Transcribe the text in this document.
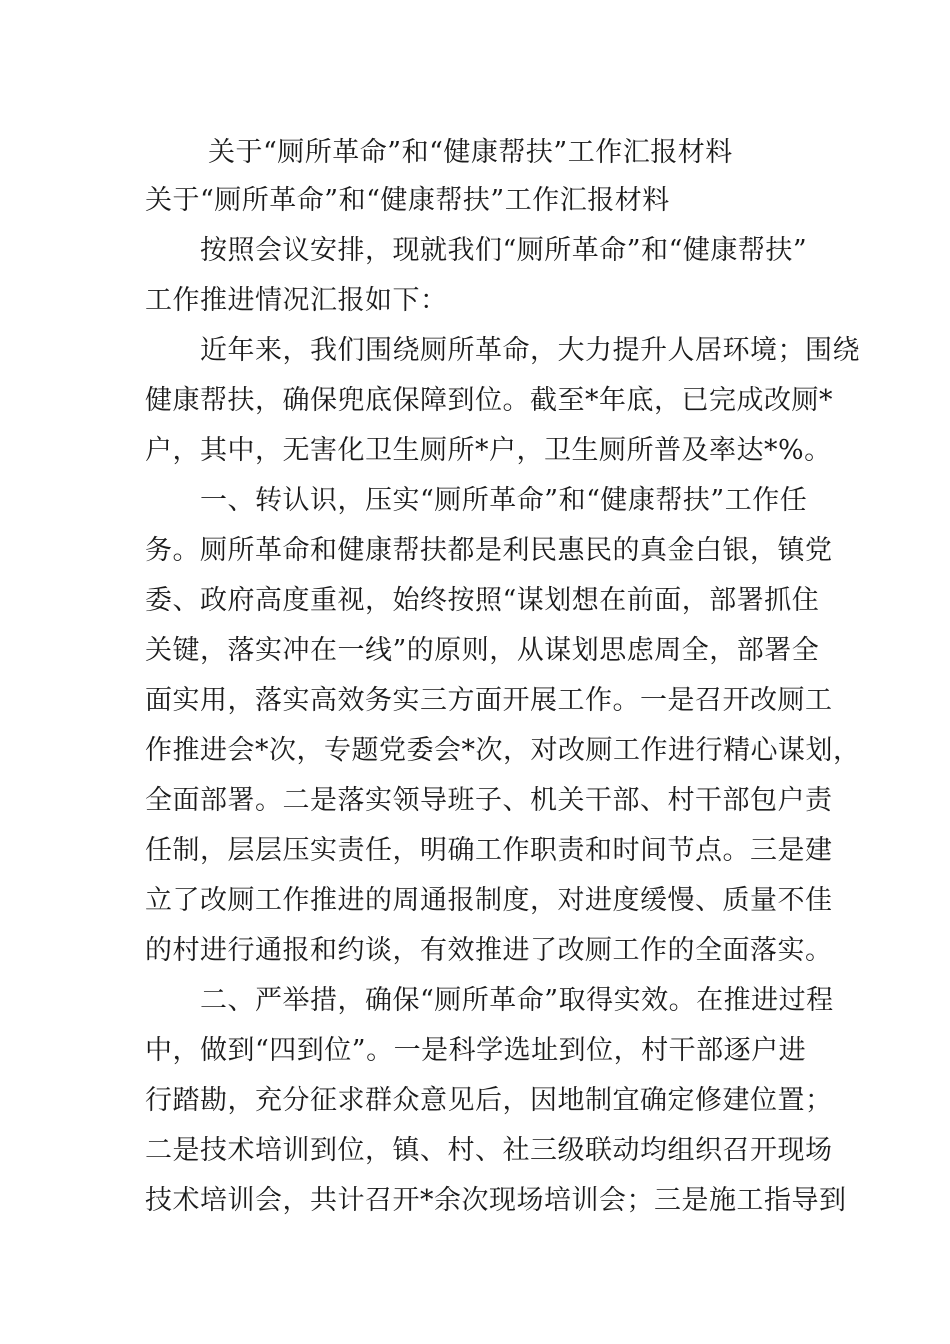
关于“厕所革命”和“健康帮扶”工作汇报材料
关于“厕所革命”和“健康帮扶”工作汇报材料
　　按照会议安排，现就我们“厕所革命”和“健康帮扶”
工作推进情况汇报如下：
　　近年来，我们围绕厕所革命，大力提升人居环境；围绕
健康帮扶，确保兜底保障到位。截至*年底，已完成改厕*
户，其中，无害化卫生厕所*户，卫生厕所普及率达*%。
　　一、转认识，压实“厕所革命”和“健康帮扶”工作任
务。厕所革命和健康帮扶都是利民惠民的真金白银，镇党
委、政府高度重视，始终按照“谋划想在前面，部署抓住
关键，落实冲在一线”的原则，从谋划思虑周全，部署全
面实用，落实高效务实三方面开展工作。一是召开改厕工
作推进会*次，专题党委会*次，对改厕工作进行精心谋划，
全面部署。二是落实领导班子、机关干部、村干部包户责
任制，层层压实责任，明确工作职责和时间节点。三是建
立了改厕工作推进的周通报制度，对进度缓慢、质量不佳
的村进行通报和约谈，有效推进了改厕工作的全面落实。
　　二、严举措，确保“厕所革命”取得实效。在推进过程
中，做到“四到位”。一是科学选址到位，村干部逐户进
行踏勘，充分征求群众意见后，因地制宜确定修建位置；
二是技术培训到位，镇、村、社三级联动均组织召开现场
技术培训会，共计召开*余次现场培训会；三是施工指导到
